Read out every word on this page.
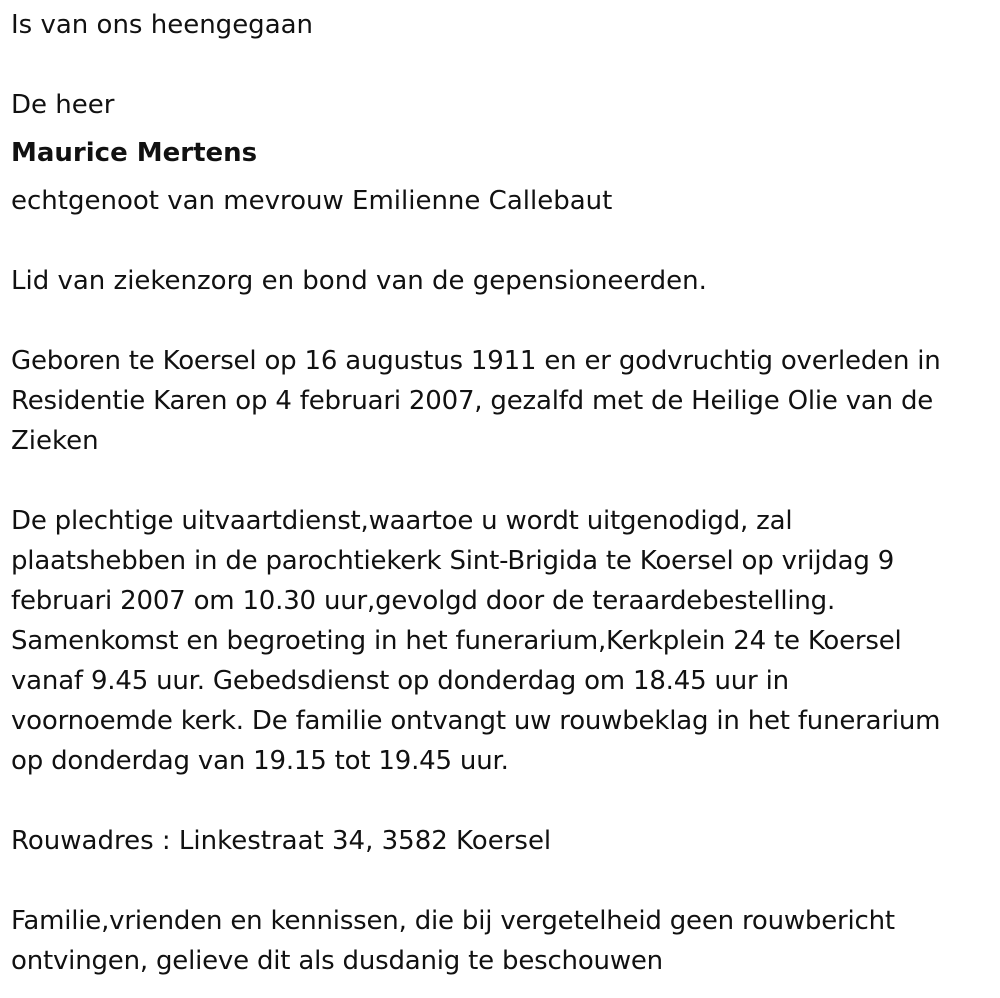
Is van ons heengegaan
De heer
Maurice Mertens
echtgenoot van mevrouw Emilienne Callebaut
Lid van ziekenzorg en bond van de gepensioneerden.
Geboren te Koersel op 16 augustus 1911 en er godvruchtig overleden in
Residentie Karen op 4 februari 2007, gezalfd met de Heilige Olie van de
Zieken
De plechtige uitvaartdienst,waartoe u wordt uitgenodigd, zal
plaatshebben in de parochtiekerk Sint-Brigida te Koersel op vrijdag 9
februari 2007 om 10.30 uur,gevolgd door de teraardebestelling.
Samenkomst en begroeting in het funerarium,Kerkplein 24 te Koersel
vanaf 9.45 uur. Gebedsdienst op donderdag om 18.45 uur in
voornoemde kerk. De familie ontvangt uw rouwbeklag in het funerarium
op donderdag van 19.15 tot 19.45 uur.
Rouwadres : Linkestraat 34, 3582 Koersel
Familie,vrienden en kennissen, die bij vergetelheid geen rouwbericht
ontvingen, gelieve dit als dusdanig te beschouwen
